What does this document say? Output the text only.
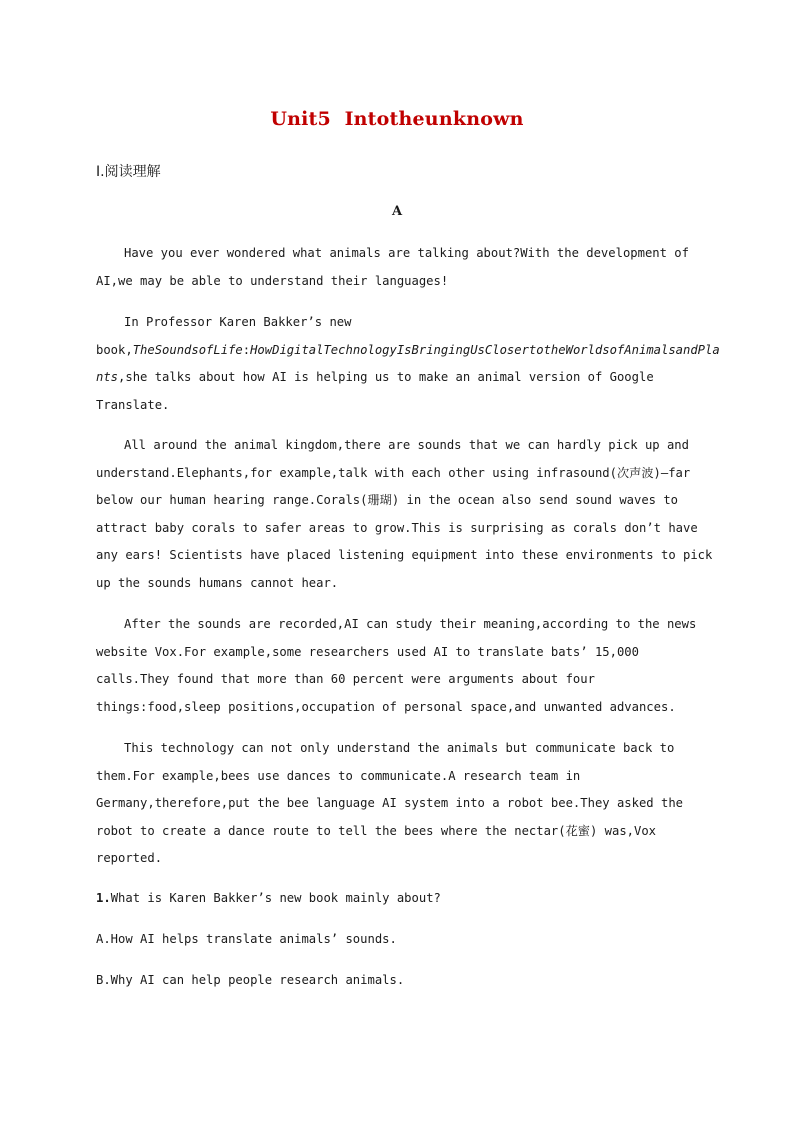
Unit5  Intotheunknown
Ⅰ.阅读理解
A
Have you ever wondered what animals are talking about?With the development of
AI,we may be able to understand their languages!
In Professor Karen Bakker’s new
book,TheSoundsofLife:HowDigitalTechnologyIsBringingUsClosertotheWorldsofAnimalsandPla
nts,she talks about how AI is helping us to make an animal version of Google
Translate.
All around the animal kingdom,there are sounds that we can hardly pick up and
understand.Elephants,for example,talk with each other using infrasound(次声波)—far
below our human hearing range.Corals(珊瑚) in the ocean also send sound waves to
attract baby corals to safer areas to grow.This is surprising as corals don’t have
any ears! Scientists have placed listening equipment into these environments to pick
up the sounds humans cannot hear.
After the sounds are recorded,AI can study their meaning,according to the news
website Vox.For example,some researchers used AI to translate bats’ 15,000
calls.They found that more than 60 percent were arguments about four
things:food,sleep positions,occupation of personal space,and unwanted advances.
This technology can not only understand the animals but communicate back to
them.For example,bees use dances to communicate.A research team in
Germany,therefore,put the bee language AI system into a robot bee.They asked the
robot to create a dance route to tell the bees where the nectar(花蜜) was,Vox
reported.
1.What is Karen Bakker’s new book mainly about?
A.How AI helps translate animals’ sounds.
B.Why AI can help people research animals.
